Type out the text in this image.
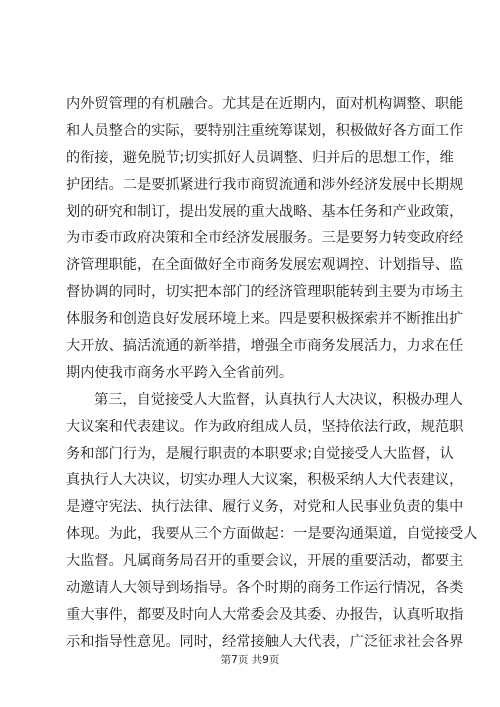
内外贸管理的有机融合。尤其是在近期内，面对机构调整、职能
和人员整合的实际，要特别注重统筹谋划，积极做好各方面工作
的衔接，避免脱节;切实抓好人员调整、归并后的思想工作，维
护团结。二是要抓紧进行我市商贸流通和涉外经济发展中长期规
划的研究和制订，提出发展的重大战略、基本任务和产业政策，
为市委市政府决策和全市经济发展服务。三是要努力转变政府经
济管理职能，在全面做好全市商务发展宏观调控、计划指导、监
督协调的同时，切实把本部门的经济管理职能转到主要为市场主
体服务和创造良好发展环境上来。四是要积极探索并不断推出扩
大开放、搞活流通的新举措，增强全市商务发展活力，力求在任
期内使我市商务水平跨入全省前列。
第三，自觉接受人大监督，认真执行人大决议，积极办理人
大议案和代表建议。作为政府组成人员，坚持依法行政，规范职
务和部门行为，是履行职责的本职要求;自觉接受人大监督，认
真执行人大决议，切实办理人大议案，积极采纳人大代表建议，
是遵守宪法、执行法律、履行义务，对党和人民事业负责的集中
体现。为此，我要从三个方面做起：一是要沟通渠道，自觉接受人
大监督。凡属商务局召开的重要会议，开展的重要活动，都要主
动邀请人大领导到场指导。各个时期的商务工作运行情况，各类
重大事件，都要及时向人大常委会及其委、办报告，认真听取指
示和指导性意见。同时，经常接触人大代表，广泛征求社会各界
第7页 共9页
